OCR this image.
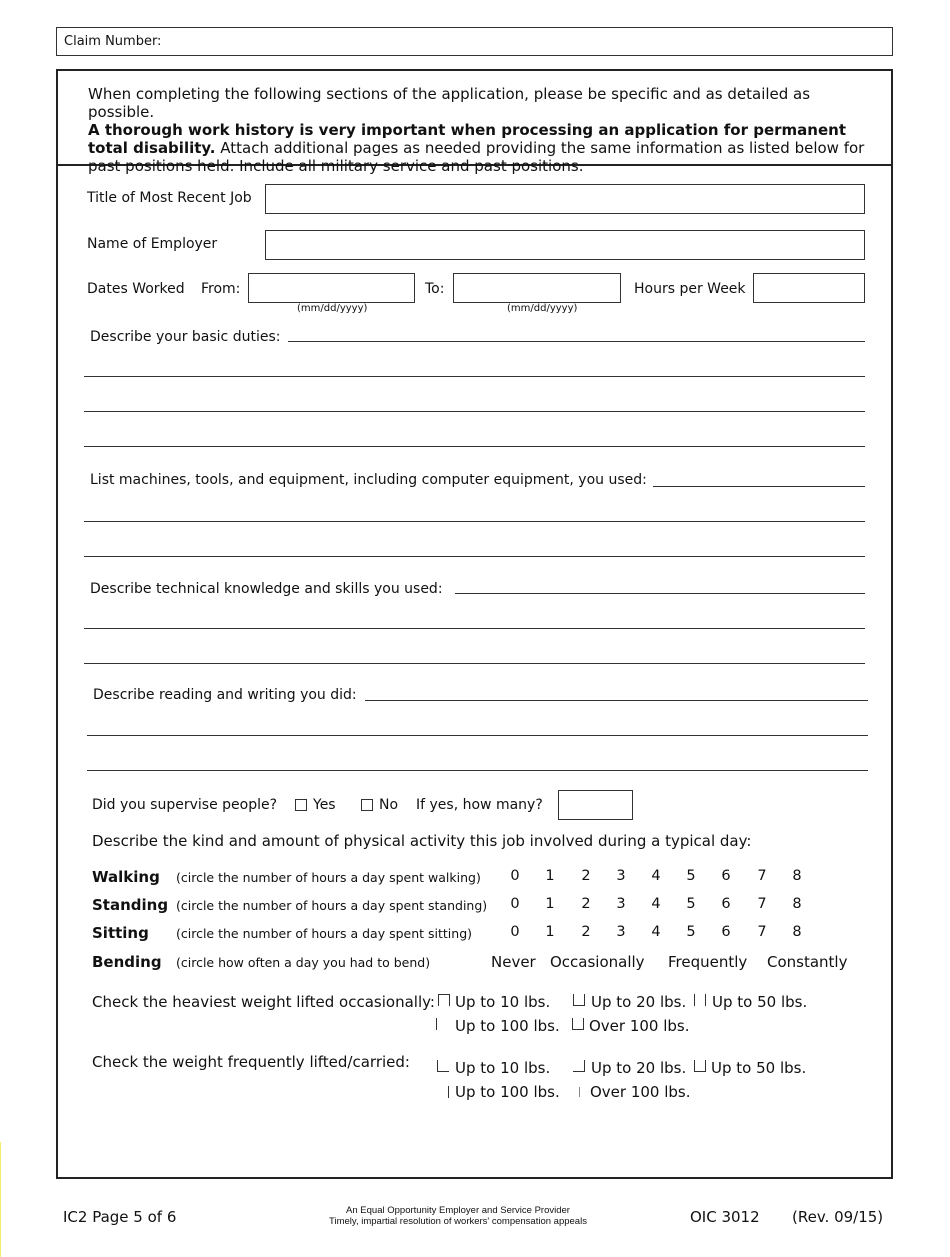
Claim Number:
When completing the following sections of the application, please be specific and as detailed as possible.
A thorough work history is very important when processing an application for permanent total disability. Attach additional pages as needed providing the same information as listed below for past positions held. Include all military service and past positions.
Title of Most Recent Job
Name of Employer
Dates Worked From:
(mm/dd/yyyy)
To:
(mm/dd/yyyy)
Hours per Week
Describe your basic duties:
List machines, tools, and equipment, including computer equipment, you used:
Describe technical knowledge and skills you used:
Describe reading and writing you did:
Did you supervise people?	Yes	No If yes, how many?
Describe the kind and amount of physical activity this job involved during a typical day:
Walking (circle the number of hours a day spent walking) 0 1 2 3 4 5 6 7 8
Standing (circle the number of hours a day spent standing) 0 1 2 3 4 5 6 7 8
Sitting (circle the number of hours a day spent sitting)	0 1 2 3 4 5 6 7 8
Bending (circle how often a day you had to bend)	Never Occasionally Frequently Constantly
Check the heaviest weight lifted occasionally: Up to 10 lbs.	Up to 20 lbs. Up to 50 lbs.
Up to 100 lbs. Over 100 lbs.
Check the weight frequently lifted/carried:	Up to 10 lbs.	Up to 20 lbs. Up to 50 lbs.
Up to 100 lbs. Over 100 lbs.
IC2 Page 5 of 6	An Equal Opportunity Employer and Service Provider
Timely, impartial resolution of workers' compensation appeals	OIC 3012 (Rev. 09/15)
